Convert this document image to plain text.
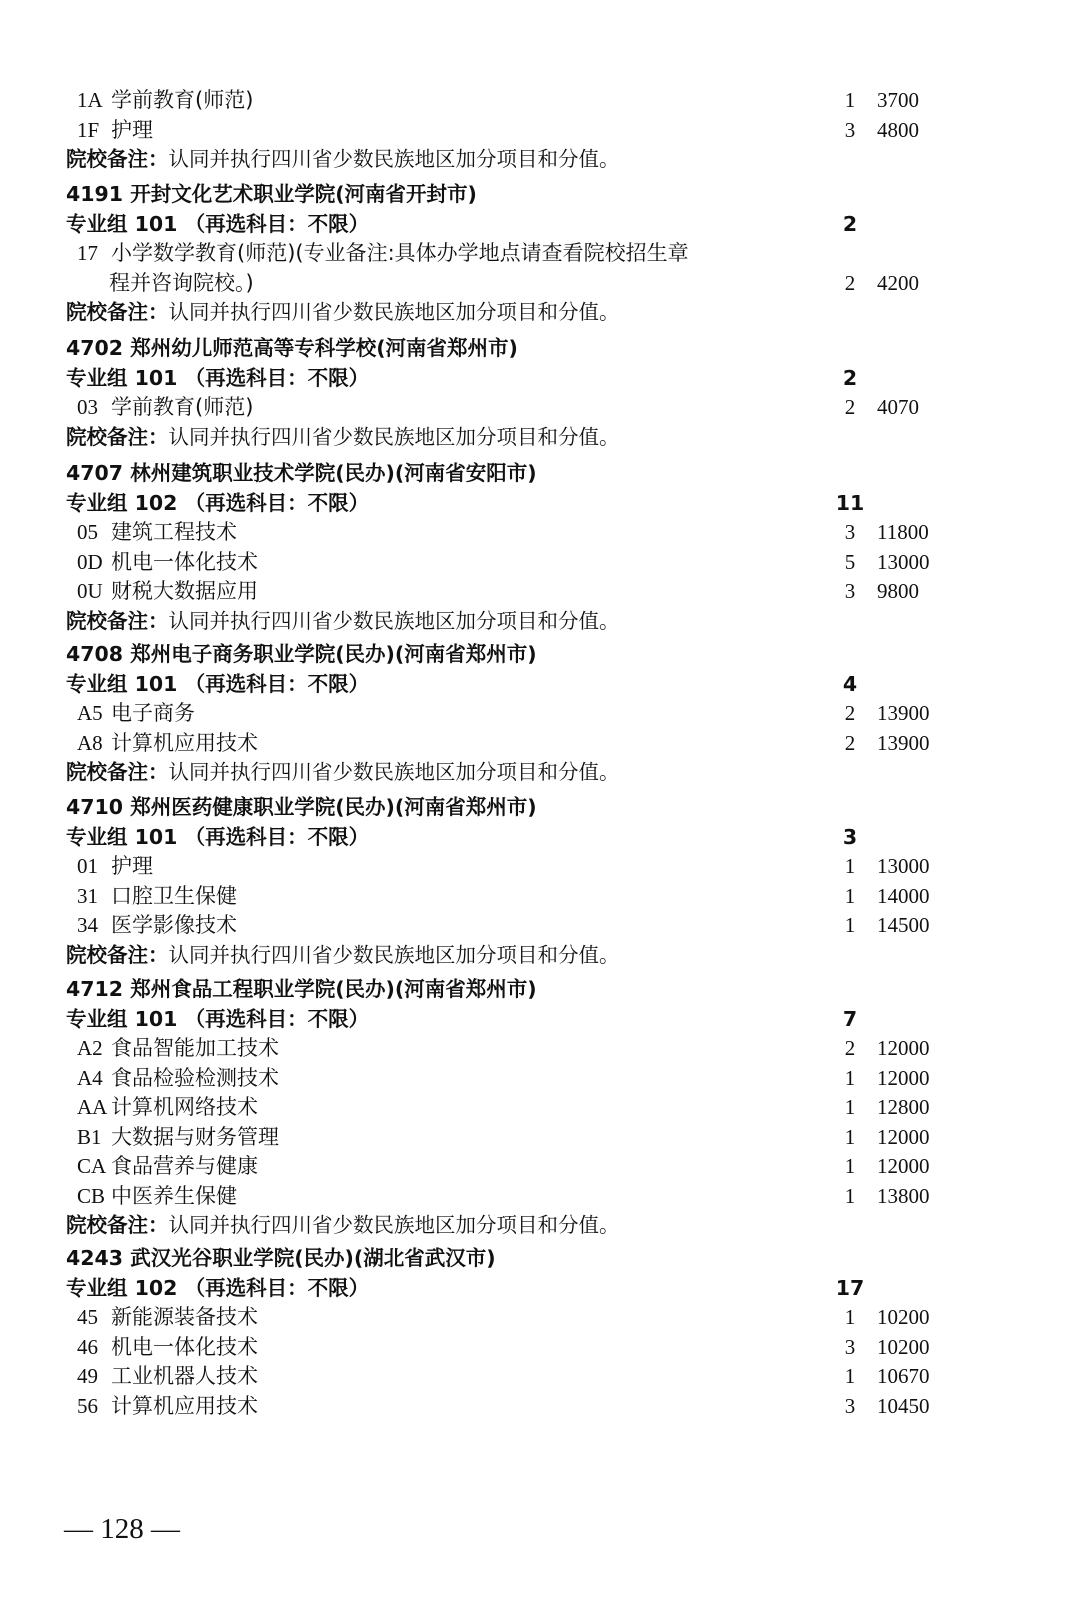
1A 学前教育(师范)	1 3700
1F 护理	3 4800
院校备注：认同并执行四川省少数民族地区加分项目和分值。
4191 开封文化艺术职业学院(河南省开封市)
专业组 101 （再选科目：不限）	2
17 小学数学教育(师范)(专业备注:具体办学地点请查看院校招生章
程并咨询院校。)	2 4200
院校备注：认同并执行四川省少数民族地区加分项目和分值。
4702 郑州幼儿师范高等专科学校(河南省郑州市)
专业组 101 （再选科目：不限）	2
03 学前教育(师范)	2 4070
院校备注：认同并执行四川省少数民族地区加分项目和分值。
4707 林州建筑职业技术学院(民办)(河南省安阳市)
专业组 102 （再选科目：不限）	11
05 建筑工程技术	3 11800
0D 机电一体化技术	5 13000
0U 财税大数据应用	3 9800
院校备注：认同并执行四川省少数民族地区加分项目和分值。
4708 郑州电子商务职业学院(民办)(河南省郑州市)
专业组 101 （再选科目：不限）	4
A5 电子商务	2 13900
A8 计算机应用技术	2 13900
院校备注：认同并执行四川省少数民族地区加分项目和分值。
4710 郑州医药健康职业学院(民办)(河南省郑州市)
专业组 101 （再选科目：不限）	3
01 护理	1 13000
31 口腔卫生保健	1 14000
34 医学影像技术	1 14500
院校备注：认同并执行四川省少数民族地区加分项目和分值。
4712 郑州食品工程职业学院(民办)(河南省郑州市)
专业组 101 （再选科目：不限）	7
A2 食品智能加工技术	2 12000
A4 食品检验检测技术	1 12000
AA 计算机网络技术	1 12800
B1 大数据与财务管理	1 12000
CA 食品营养与健康	1 12000
CB 中医养生保健	1 13800
院校备注：认同并执行四川省少数民族地区加分项目和分值。
4243 武汉光谷职业学院(民办)(湖北省武汉市)
专业组 102 （再选科目：不限）	17
45 新能源装备技术	1 10200
46 机电一体化技术	3 10200
49 工业机器人技术	1 10670
56 计算机应用技术	3 10450
— 128 —
